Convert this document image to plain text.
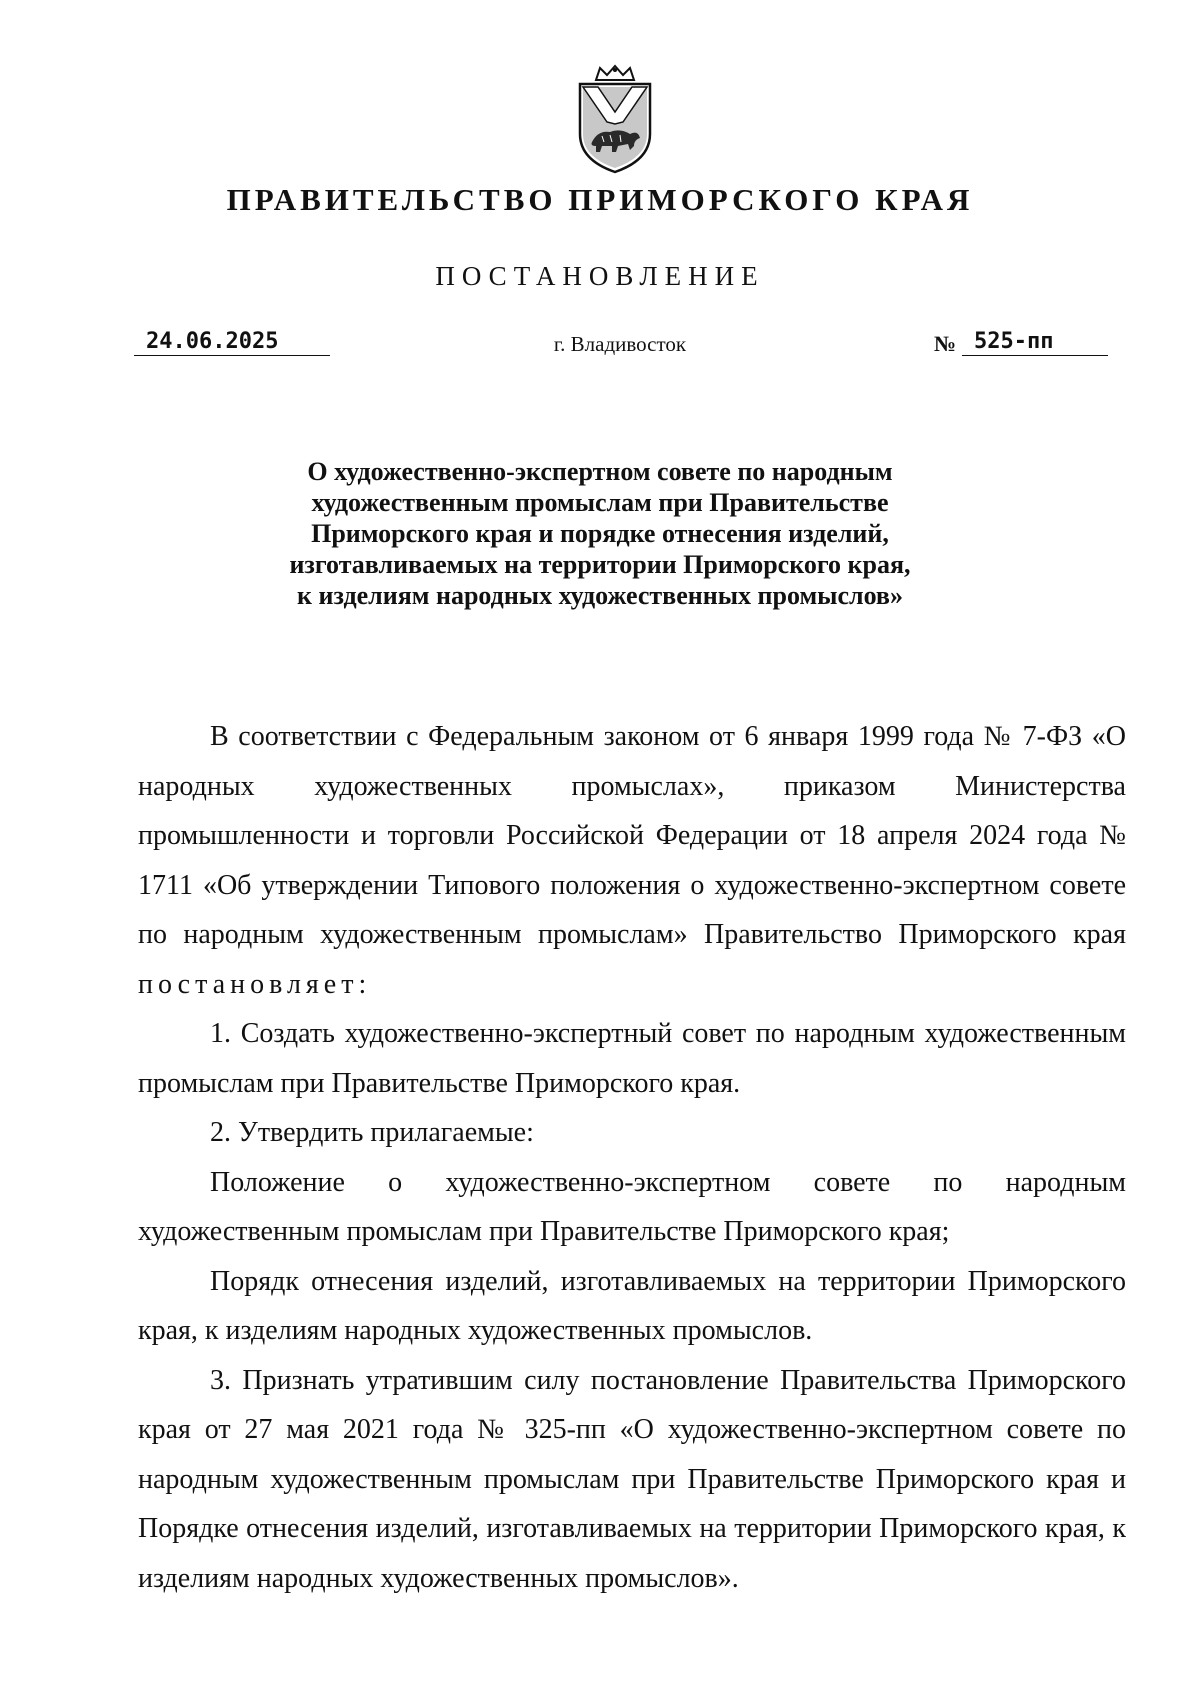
ПРАВИТЕЛЬСТВО ПРИМОРСКОГО КРАЯ
ПОСТАНОВЛЕНИЕ
24.06.2025	г. Владивосток	№ 525-пп
О художественно-экспертном совете по народным
художественным промыслам при Правительстве
Приморского края и порядке отнесения изделий,
изготавливаемых на территории Приморского края,
к изделиям народных художественных промыслов»

В соответствии с Федеральным законом от 6 января 1999 года № 7-ФЗ «О народных художественных промыслах», приказом Министерства промышленности и торговли Российской Федерации от 18 апреля 2024 года № 1711 «Об утверждении Типового положения о художественно-экспертном совете по народным художественным промыслам» Правительство Приморского края постановляет:

1. Создать художественно-экспертный совет по народным художественным промыслам при Правительстве Приморского края.

2. Утвердить прилагаемые:

Положение о художественно-экспертном совете по народным художественным промыслам при Правительстве Приморского края;

Порядк отнесения изделий, изготавливаемых на территории Приморского края, к изделиям народных художественных промыслов.

3. Признать утратившим силу постановление Правительства Приморского края от 27 мая 2021 года № 325-пп «О художественно-экспертном совете по народным художественным промыслам при Правительстве Приморского края и Порядке отнесения изделий, изготавливаемых на территории Приморского края, к изделиям народных художественных промыслов».
